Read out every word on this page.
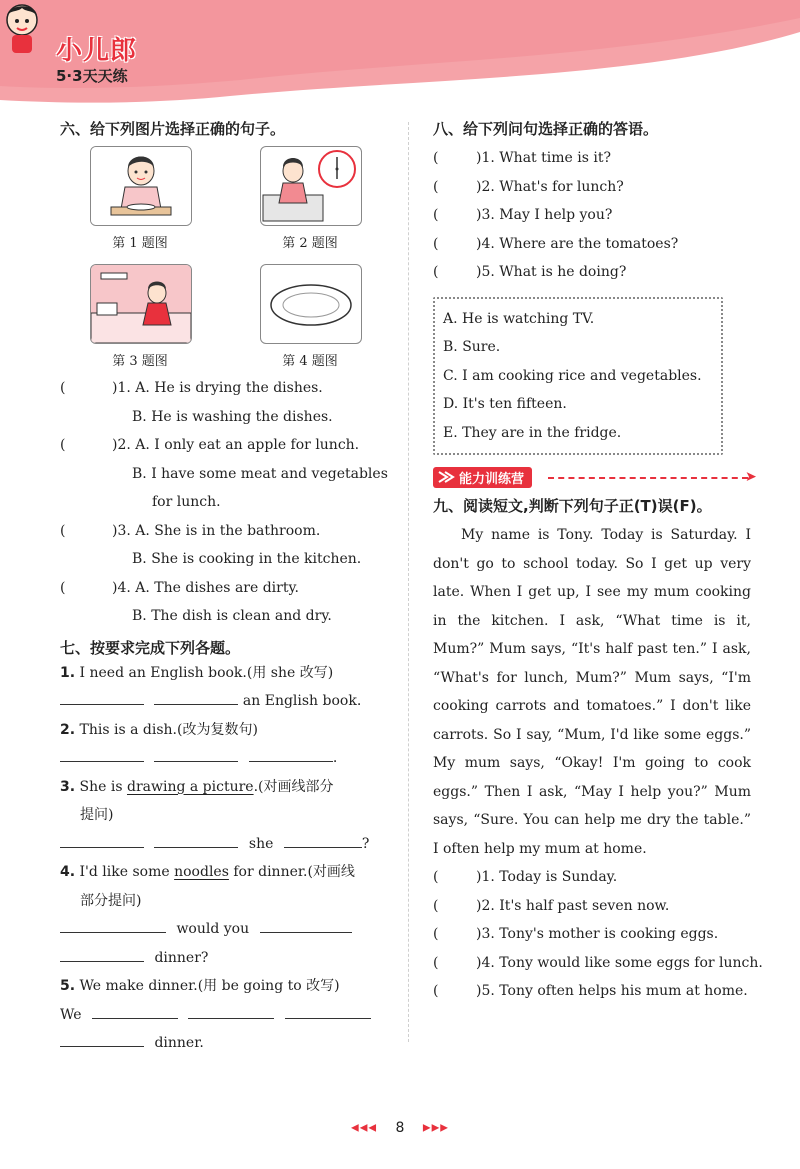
小儿郎
5·3天天练
六、给下列图片选择正确的句子。
第 1 题图	第 2 题图
第 3 题图	第 4 题图
(	)1. A. He is drying the dishes.
B. He is washing the dishes.
(	)2. A. I only eat an apple for lunch.
B. I have some meat and vegetables
for lunch.
(	)3. A. She is in the bathroom.
B. She is cooking in the kitchen.
(	)4. A. The dishes are dirty.
B. The dish is clean and dry.
七、按要求完成下列各题。
1. I need an English book.(用 she 改写)
an English book.
2. This is a dish.(改为复数句)
.
3. She is drawing a picture.(对画线部分
提问)
she	?
4. I'd like some noodles for dinner.(对画线
部分提问)
would you
dinner?
5. We make dinner.(用 be going to 改写)
We
dinner.
八、给下列问句选择正确的答语。
(	)1. What time is it?
(	)2. What's for lunch?
(	)3. May I help you?
(	)4. Where are the tomatoes?
(	)5. What is he doing?
A. He is watching TV.
B. Sure.
C. I am cooking rice and vegetables.
D. It's ten fifteen.
E. They are in the fridge.
能力训练营	➤
九、阅读短文,判断下列句子正(T)误(F)。
My name is Tony. Today is Saturday. I don't go to school today. So I get up very late. When I get up, I see my mum cooking in the kitchen. I ask, “What time is it, Mum?” Mum says, “It's half past ten.” I ask, “What's for lunch, Mum?” Mum says, “I'm cooking carrots and tomatoes.” I don't like carrots. So I say, “Mum, I'd like some eggs.” My mum says, “Okay! I'm going to cook eggs.” Then I ask, “May I help you?” Mum says, “Sure. You can help me dry the table.” I often help my mum at home.
(	)1. Today is Sunday.
(	)2. It's half past seven now.
(	)3. Tony's mother is cooking eggs.
(	)4. Tony would like some eggs for lunch.
(	)5. Tony often helps his mum at home.
◀◀◀ 8 ▶▶▶
